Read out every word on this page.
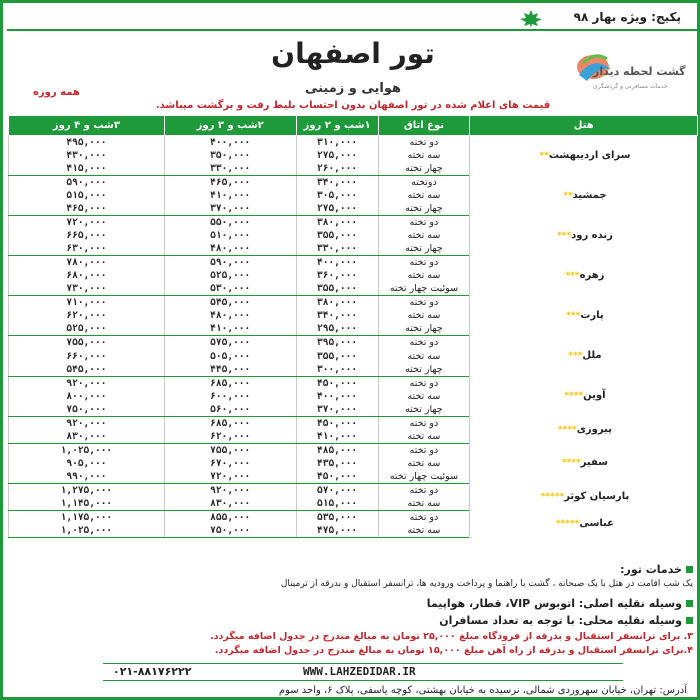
پکیج: ویژه بهار ۹۸
تور اصفهان
هوایی و زمینی
همه روزه
گشت لحظه دیدار
خدمات مسافرتی و گردشگری
قیمت های اعلام شده در تور اصفهان بدون احتساب بلیط رفت و برگشت میباشد.
هتل	نوع اتاق	۱شب و ۲ روز	۲شب و ۳ روز	۳شب و ۴ روز
سرای اردیبهشت**	دو تخته	۳۱۰,۰۰۰	۴۰۰,۰۰۰	۴۹۵,۰۰۰
	سه تخته	۲۷۵,۰۰۰	۳۵۰,۰۰۰	۴۳۰,۰۰۰
	چهار تخته	۲۶۰,۰۰۰	۳۳۰,۰۰۰	۴۱۵,۰۰۰
جمشید**	دوتخته	۳۴۰,۰۰۰	۴۶۵,۰۰۰	۵۹۰,۰۰۰
	سه تخته	۳۰۵,۰۰۰	۴۱۰,۰۰۰	۵۱۵,۰۰۰
	چهار تخته	۲۷۵,۰۰۰	۳۷۰,۰۰۰	۴۶۵,۰۰۰
زنده رود***	دو تخته	۳۸۰,۰۰۰	۵۵۰,۰۰۰	۷۲۰,۰۰۰
	سه تخته	۳۵۵,۰۰۰	۵۱۰,۰۰۰	۶۶۵,۰۰۰
	چهار تخته	۳۳۰,۰۰۰	۴۸۰,۰۰۰	۶۳۰,۰۰۰
زهره***	دو تخته	۴۰۰,۰۰۰	۵۹۰,۰۰۰	۷۸۰,۰۰۰
	سه تخته	۳۶۰,۰۰۰	۵۲۵,۰۰۰	۶۸۰,۰۰۰
	سوئیت چهار تخته	۳۵۵,۰۰۰	۵۳۰,۰۰۰	۷۳۰,۰۰۰
پارت***	دو تخته	۳۸۰,۰۰۰	۵۴۵,۰۰۰	۷۱۰,۰۰۰
	سه تخته	۳۴۰,۰۰۰	۴۸۰,۰۰۰	۶۲۰,۰۰۰
	چهار تخته	۲۹۵,۰۰۰	۴۱۰,۰۰۰	۵۲۵,۰۰۰
ملل***	دو تخته	۳۹۵,۰۰۰	۵۷۵,۰۰۰	۷۵۵,۰۰۰
	سه تخته	۳۵۵,۰۰۰	۵۰۵,۰۰۰	۶۶۰,۰۰۰
	چهار تخته	۳۰۰,۰۰۰	۴۴۵,۰۰۰	۵۴۵,۰۰۰
آوین****	دو تخته	۴۵۰,۰۰۰	۶۸۵,۰۰۰	۹۲۰,۰۰۰
	سه تخته	۴۰۰,۰۰۰	۶۰۰,۰۰۰	۸۰۰,۰۰۰
	چهار تخته	۳۷۰,۰۰۰	۵۶۰,۰۰۰	۷۵۰,۰۰۰
پیروزی****	دو تخته	۴۵۰,۰۰۰	۶۸۵,۰۰۰	۹۲۰,۰۰۰
	سه تخته	۴۱۰,۰۰۰	۶۲۰,۰۰۰	۸۳۰,۰۰۰
سفیر****	دو تخته	۴۸۵,۰۰۰	۷۵۵,۰۰۰	۱,۰۲۵,۰۰۰
	سه تخته	۴۳۵,۰۰۰	۶۷۰,۰۰۰	۹۰۵,۰۰۰
	سوئیت چهار تخته	۴۵۰,۰۰۰	۷۲۰,۰۰۰	۹۹۰,۰۰۰
پارسیان کوثر*****	دو تخته	۵۷۰,۰۰۰	۹۲۰,۰۰۰	۱,۲۷۵,۰۰۰
	سه تخته	۵۱۵,۰۰۰	۸۳۰,۰۰۰	۱,۱۴۵,۰۰۰
عباسی*****	دو تخته	۵۳۵,۰۰۰	۸۵۵,۰۰۰	۱,۱۷۵,۰۰۰
	سه تخته	۴۷۵,۰۰۰	۷۵۰,۰۰۰	۱,۰۲۵,۰۰۰
خدمات تور:
یک شب اقامت در هتل با یک صبحانه ، گشت با راهنما و پرداخت ورودیه ها، ترانسفر استقبال و بدرقه از ترمینال
وسیله نقلیه اصلی: اتوبوس VIP، قطار، هواپیما
وسیله نقلیه محلی: با توجه به تعداد مسافران
۳. برای ترانسفر استقبال و بدرقه از فرودگاه مبلغ ۲۵,۰۰۰ تومان به مبالغ مندرج در جدول اضافه میگردد.
۴.برای ترانسفر استقبال و بدرقه از راه آهن مبلغ ۱۵,۰۰۰ تومان به مبالغ مندرج در جدول اضافه میگردد.
WWW.LAHZEDIDAR.IR
۰۲۱-۸۸۱۷۶۲۲۲
آدرس: تهران، خیابان سهروردی شمالی، نرسیده به خیابان بهشتی، کوچه یاسفی، پلاک ۶، واحد سوم
